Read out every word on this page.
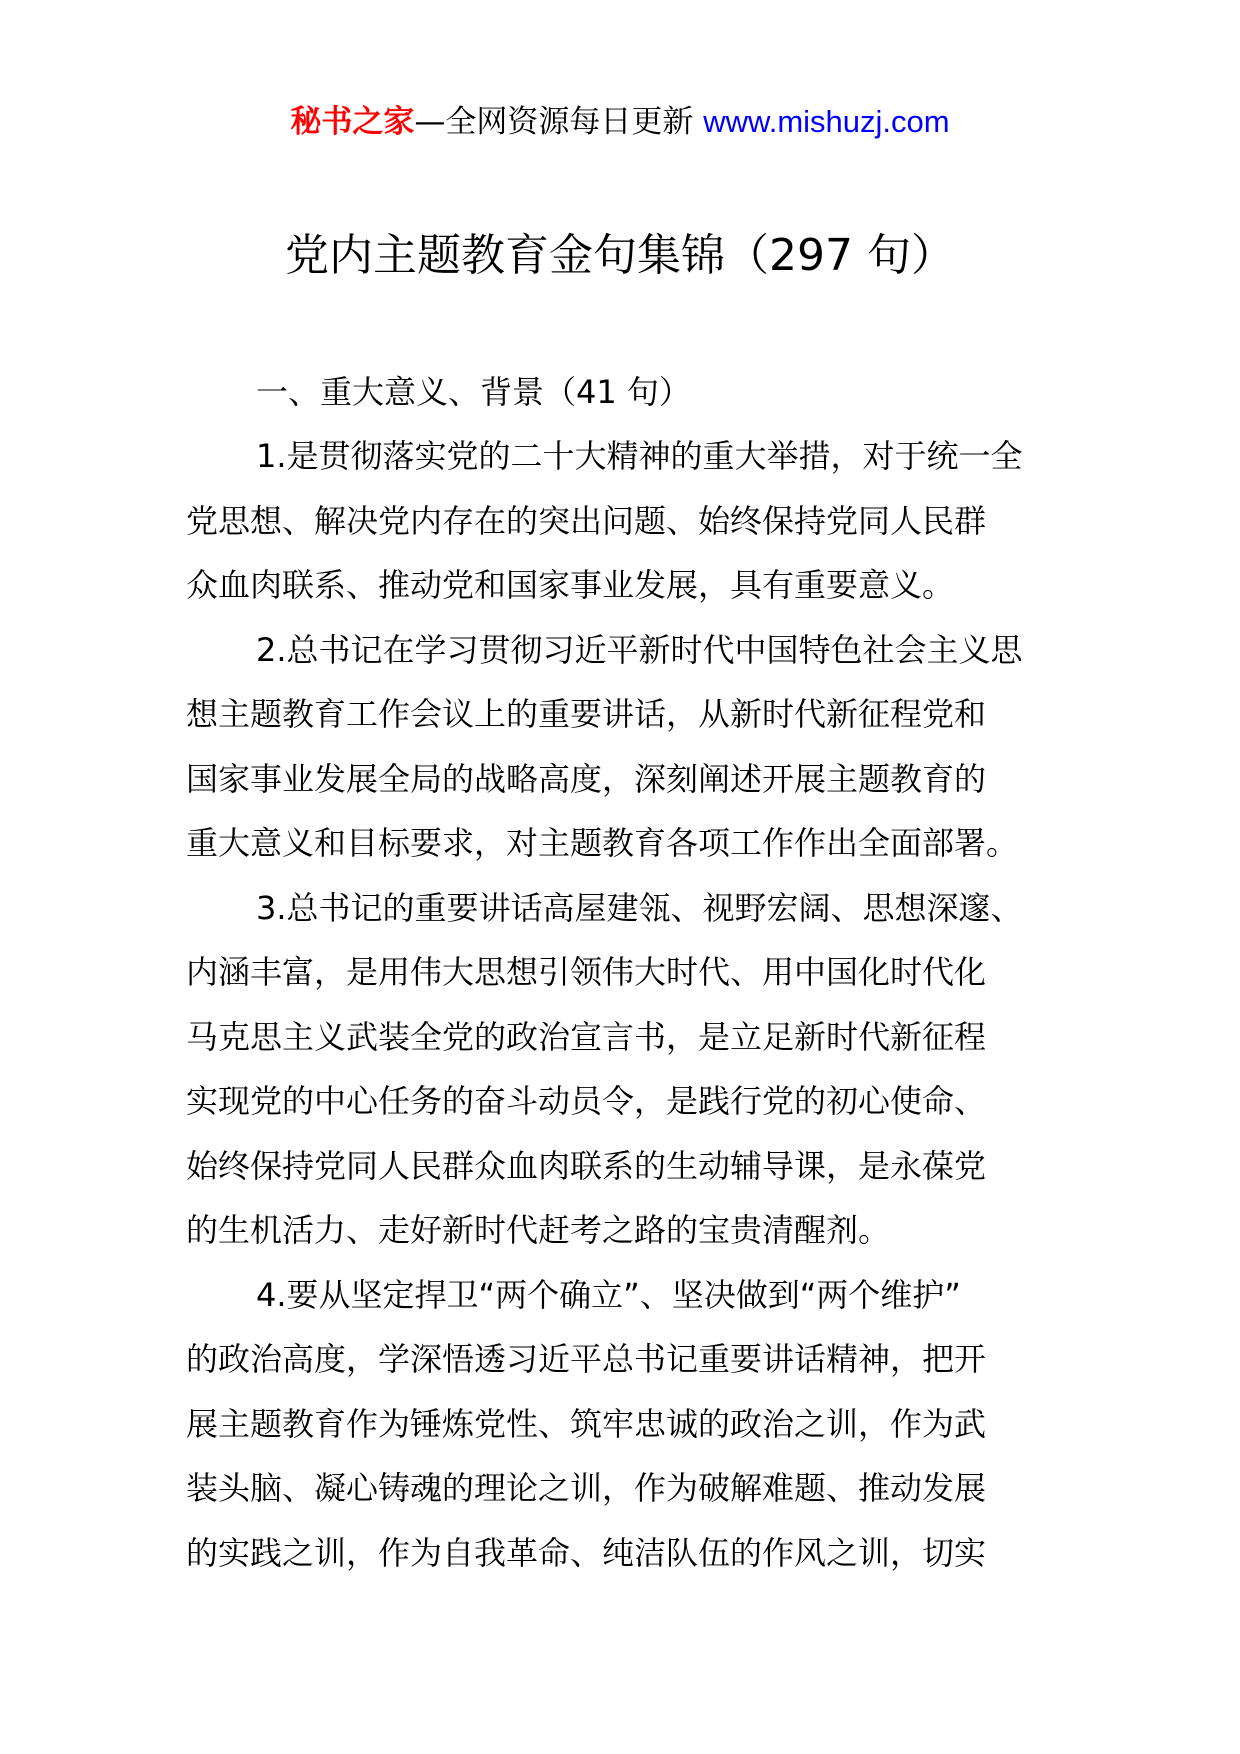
秘书之家—全网资源每日更新 www.mishuzj.com
党内主题教育金句集锦（297 句）

一、重大意义、背景（41 句）

1.是贯彻落实党的二十大精神的重大举措，对于统一全
党思想、解决党内存在的突出问题、始终保持党同人民群
众血肉联系、推动党和国家事业发展，具有重要意义。

2.总书记在学习贯彻习近平新时代中国特色社会主义思
想主题教育工作会议上的重要讲话，从新时代新征程党和
国家事业发展全局的战略高度，深刻阐述开展主题教育的
重大意义和目标要求，对主题教育各项工作作出全面部署。

3.总书记的重要讲话高屋建瓴、视野宏阔、思想深邃、
内涵丰富，是用伟大思想引领伟大时代、用中国化时代化
马克思主义武装全党的政治宣言书，是立足新时代新征程
实现党的中心任务的奋斗动员令，是践行党的初心使命、
始终保持党同人民群众血肉联系的生动辅导课，是永葆党
的生机活力、走好新时代赶考之路的宝贵清醒剂。

4.要从坚定捍卫“两个确立”、坚决做到“两个维护”
的政治高度，学深悟透习近平总书记重要讲话精神，把开
展主题教育作为锤炼党性、筑牢忠诚的政治之训，作为武
装头脑、凝心铸魂的理论之训，作为破解难题、推动发展
的实践之训，作为自我革命、纯洁队伍的作风之训，切实
